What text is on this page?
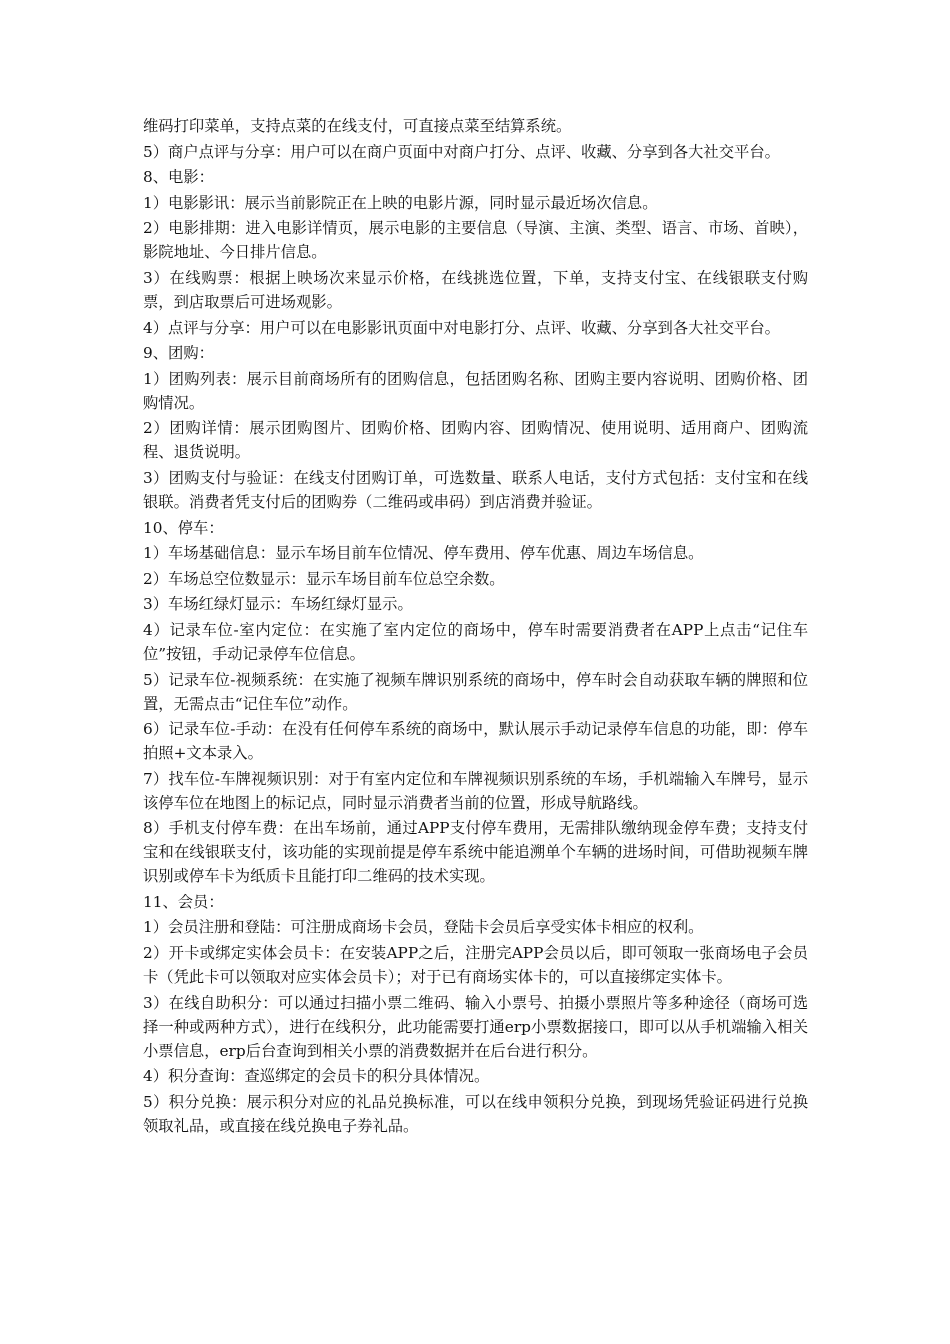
维码打印菜单，支持点菜的在线支付，可直接点菜至结算系统。

5）商户点评与分享：用户可以在商户页面中对商户打分、点评、收藏、分享到各大社交平台。

8、电影：

1）电影影讯：展示当前影院正在上映的电影片源，同时显示最近场次信息。

2）电影排期：进入电影详情页，展示电影的主要信息（导演、主演、类型、语言、市场、首映），影院地址、今日排片信息。

3）在线购票：根据上映场次来显示价格，在线挑选位置，下单，支持支付宝、在线银联支付购票，到店取票后可进场观影。

4）点评与分享：用户可以在电影影讯页面中对电影打分、点评、收藏、分享到各大社交平台。

9、团购：

1）团购列表：展示目前商场所有的团购信息，包括团购名称、团购主要内容说明、团购价格、团购情况。

2）团购详情：展示团购图片、团购价格、团购内容、团购情况、使用说明、适用商户、团购流程、退货说明。

3）团购支付与验证：在线支付团购订单，可选数量、联系人电话，支付方式包括：支付宝和在线银联。消费者凭支付后的团购券（二维码或串码）到店消费并验证。

10、停车：

1）车场基础信息：显示车场目前车位情况、停车费用、停车优惠、周边车场信息。

2）车场总空位数显示：显示车场目前车位总空余数。

3）车场红绿灯显示：车场红绿灯显示。

4）记录车位-室内定位：在实施了室内定位的商场中，停车时需要消费者在APP上点击“记住车位”按钮，手动记录停车位信息。

5）记录车位-视频系统：在实施了视频车牌识别系统的商场中，停车时会自动获取车辆的牌照和位置，无需点击“记住车位”动作。

6）记录车位-手动：在没有任何停车系统的商场中，默认展示手动记录停车信息的功能，即：停车拍照+文本录入。

7）找车位-车牌视频识别：对于有室内定位和车牌视频识别系统的车场，手机端输入车牌号，显示该停车位在地图上的标记点，同时显示消费者当前的位置，形成导航路线。

8）手机支付停车费：在出车场前，通过APP支付停车费用，无需排队缴纳现金停车费；支持支付宝和在线银联支付，该功能的实现前提是停车系统中能追溯单个车辆的进场时间，可借助视频车牌识别或停车卡为纸质卡且能打印二维码的技术实现。

11、会员：

1）会员注册和登陆：可注册成商场卡会员，登陆卡会员后享受实体卡相应的权利。

2）开卡或绑定实体会员卡：在安装APP之后，注册完APP会员以后，即可领取一张商场电子会员卡（凭此卡可以领取对应实体会员卡）；对于已有商场实体卡的，可以直接绑定实体卡。

3）在线自助积分：可以通过扫描小票二维码、输入小票号、拍摄小票照片等多种途径（商场可选择一种或两种方式），进行在线积分，此功能需要打通erp小票数据接口，即可以从手机端输入相关小票信息，erp后台查询到相关小票的消费数据并在后台进行积分。

4）积分查询：查巡绑定的会员卡的积分具体情况。

5）积分兑换：展示积分对应的礼品兑换标准，可以在线申领积分兑换，到现场凭验证码进行兑换领取礼品，或直接在线兑换电子券礼品。
